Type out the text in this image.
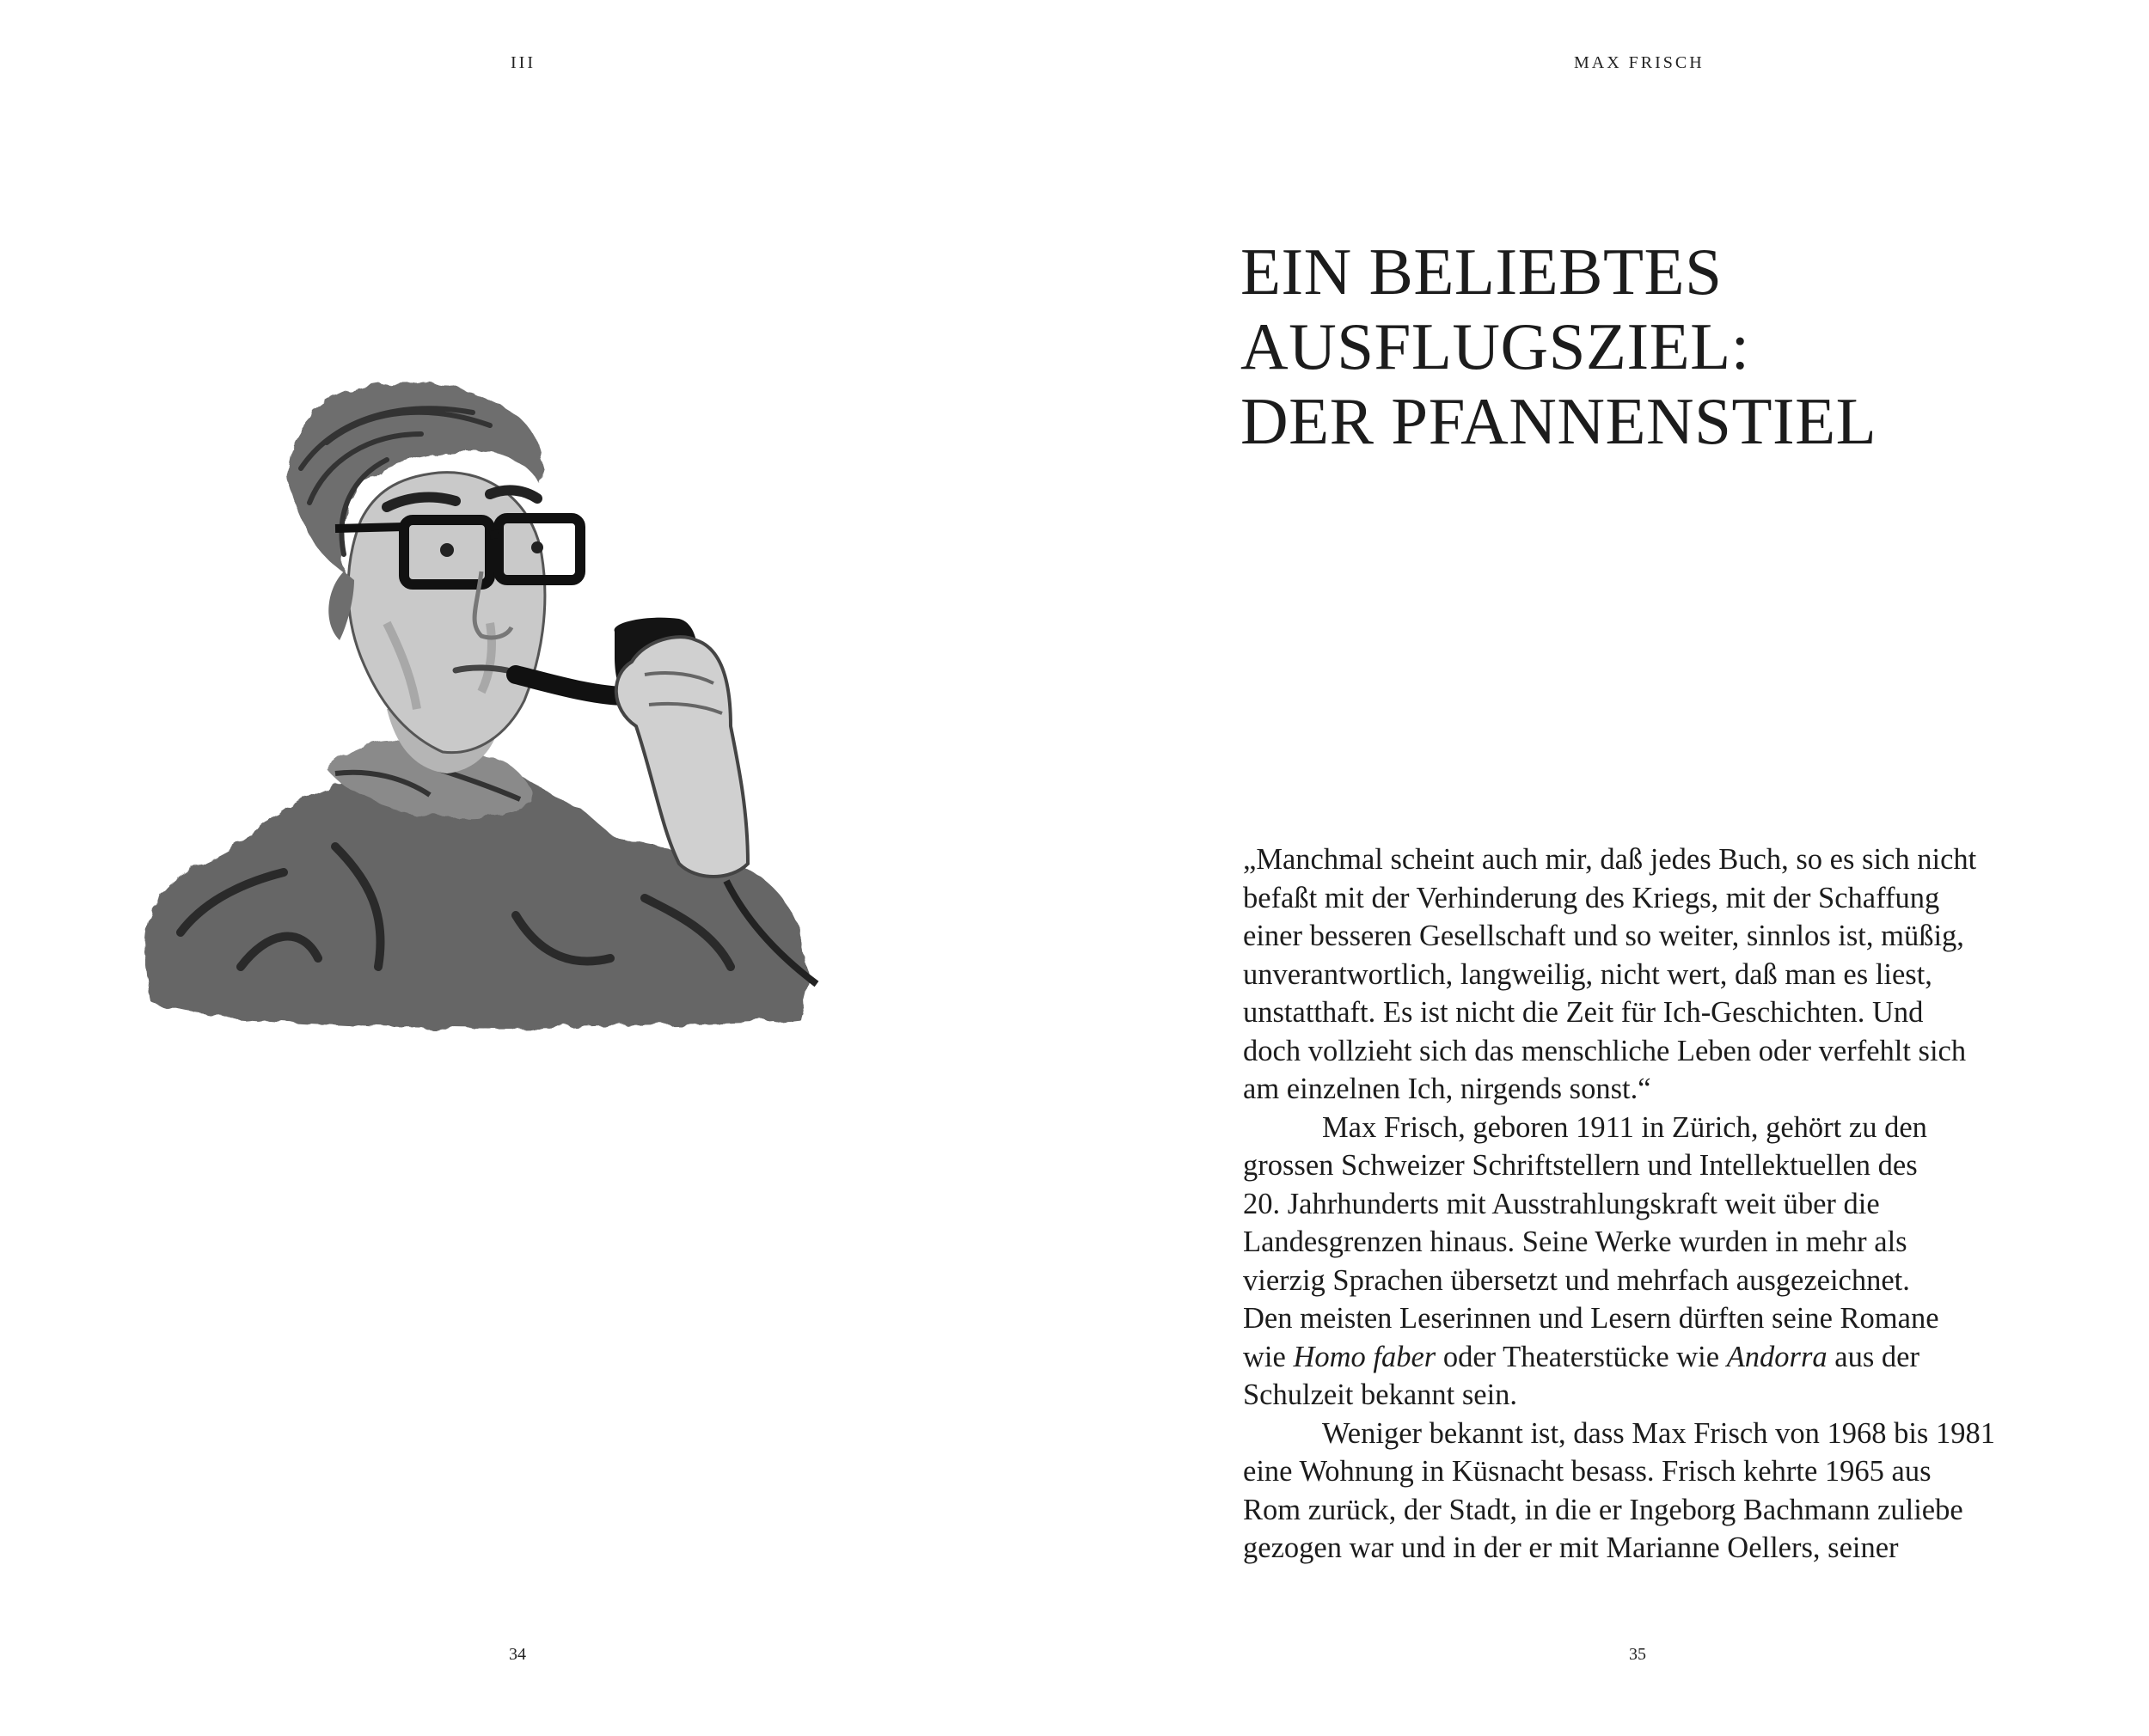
III
34
MAX FRISCH
EIN BELIEBTES
AUSFLUGSZIEL:
DER PFANNENSTIEL
„Manchmal scheint auch mir, daß jedes Buch, so es sich nicht
befaßt mit der Verhinderung des Kriegs, mit der Schaffung
einer besseren Gesellschaft und so weiter, sinnlos ist, müßig,
unverantwortlich, langweilig, nicht wert, daß man es liest,
unstatthaft. Es ist nicht die Zeit für Ich-Geschichten. Und
doch vollzieht sich das menschliche Leben oder verfehlt sich
am einzelnen Ich, nirgends sonst.“
Max Frisch, geboren 1911 in Zürich, gehört zu den
grossen Schweizer Schriftstellern und Intellektuellen des
20. Jahrhunderts mit Ausstrahlungskraft weit über die
Landesgrenzen hinaus. Seine Werke wurden in mehr als
vierzig Sprachen übersetzt und mehrfach ausgezeichnet.
Den meisten Leserinnen und Lesern dürften seine Romane
wie Homo faber oder Theaterstücke wie Andorra aus der
Schulzeit bekannt sein.
Weniger bekannt ist, dass Max Frisch von 1968 bis 1981
eine Wohnung in Küsnacht besass. Frisch kehrte 1965 aus
Rom zurück, der Stadt, in die er Ingeborg Bachmann zuliebe
gezogen war und in der er mit Marianne Oellers, seiner
35
